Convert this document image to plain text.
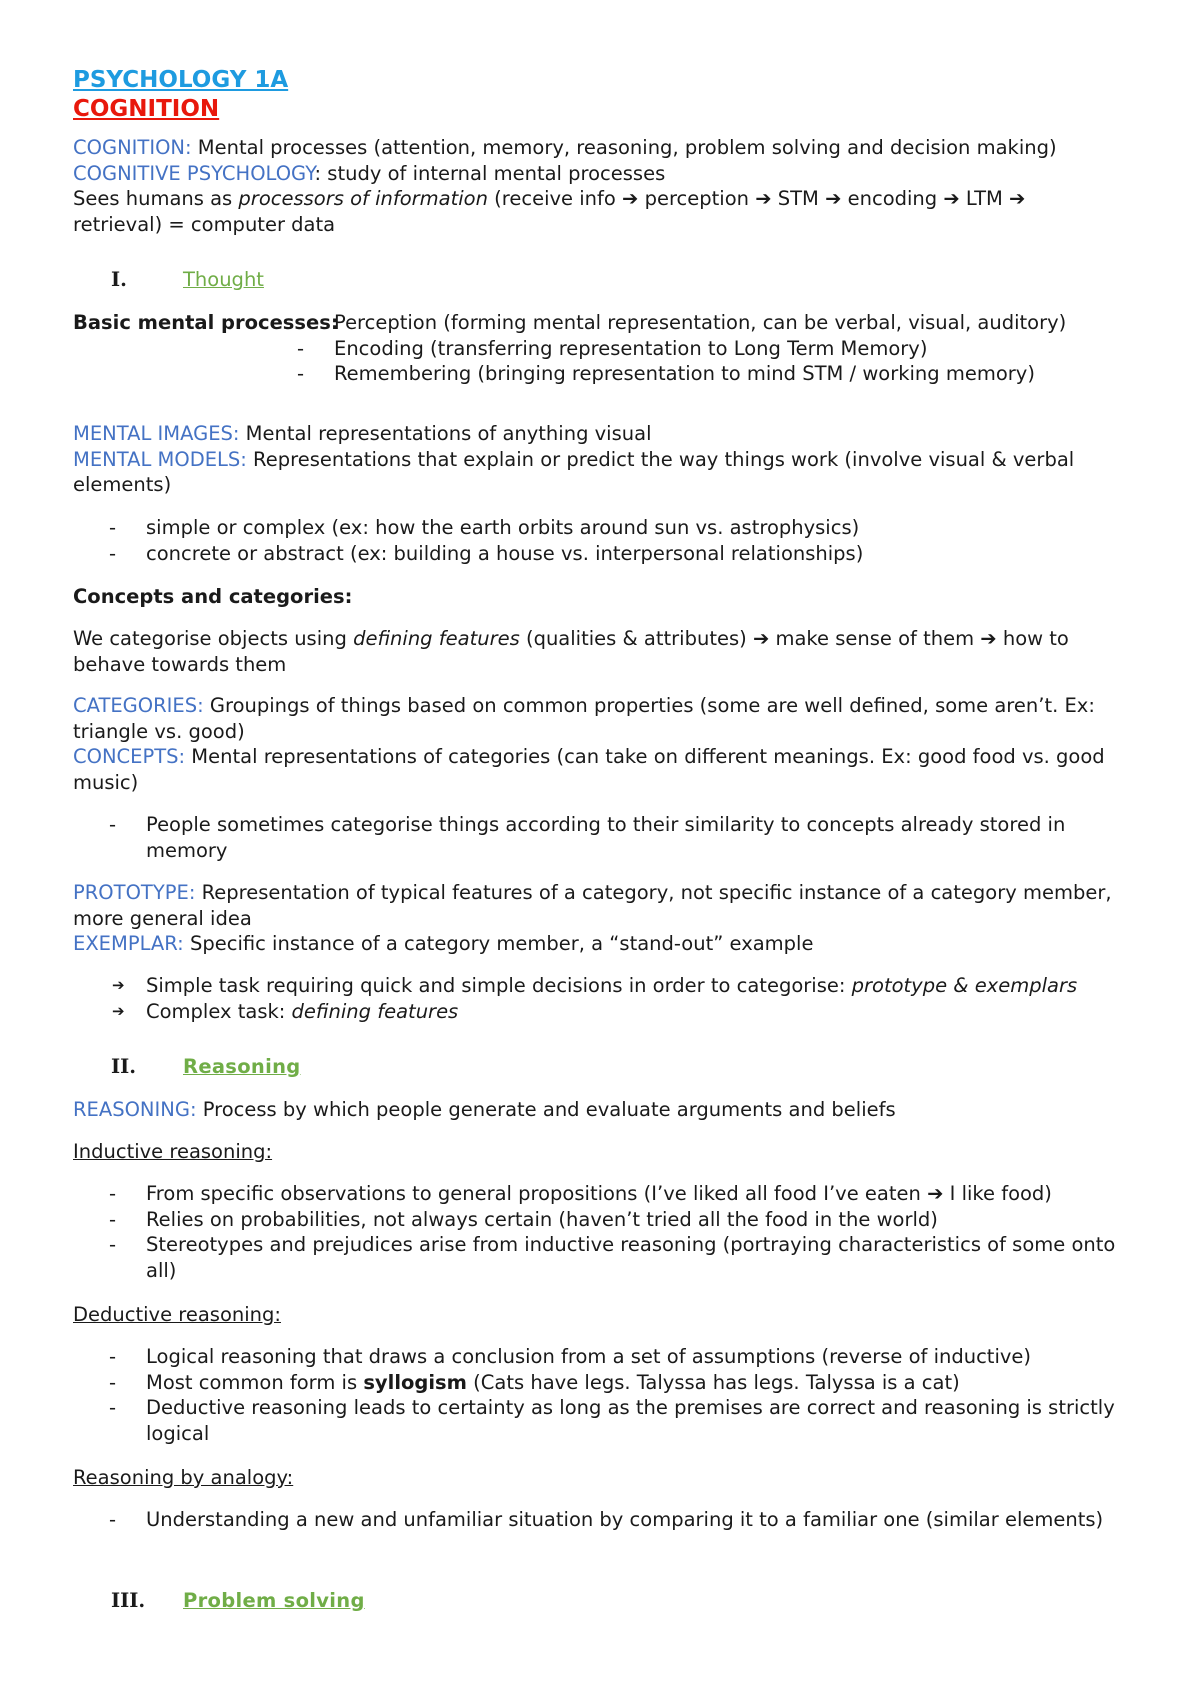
PSYCHOLOGY 1A
COGNITION
COGNITION: Mental processes (attention, memory, reasoning, problem solving and decision making)
COGNITIVE PSYCHOLOGY: study of internal mental processes
Sees humans as processors of information (receive info ➔ perception ➔ STM ➔ encoding ➔ LTM ➔
retrieval) = computer data
I.	Thought
Basic mental processes:
Perception (forming mental representation, can be verbal, visual, auditory)
- Encoding (transferring representation to Long Term Memory)
- Remembering (bringing representation to mind STM / working memory)
MENTAL IMAGES: Mental representations of anything visual
MENTAL MODELS: Representations that explain or predict the way things work (involve visual & verbal elements)
- simple or complex (ex: how the earth orbits around sun vs. astrophysics)
- concrete or abstract (ex: building a house vs. interpersonal relationships)
Concepts and categories:
We categorise objects using defining features (qualities & attributes) ➔ make sense of them ➔ how to behave towards them
CATEGORIES: Groupings of things based on common properties (some are well defined, some aren’t. Ex: triangle vs. good)
CONCEPTS: Mental representations of categories (can take on different meanings. Ex: good food vs. good music)
- People sometimes categorise things according to their similarity to concepts already stored in memory
PROTOTYPE: Representation of typical features of a category, not specific instance of a category member, more general idea
EXEMPLAR: Specific instance of a category member, a “stand-out” example
➔ Simple task requiring quick and simple decisions in order to categorise: prototype & exemplars
➔ Complex task: defining features
II. Reasoning
REASONING: Process by which people generate and evaluate arguments and beliefs
Inductive reasoning:
- From specific observations to general propositions (I’ve liked all food I’ve eaten ➔ I like food)
- Relies on probabilities, not always certain (haven’t tried all the food in the world)
- Stereotypes and prejudices arise from inductive reasoning (portraying characteristics of some onto all)
Deductive reasoning:
- Logical reasoning that draws a conclusion from a set of assumptions (reverse of inductive)
- Most common form is syllogism (Cats have legs. Talyssa has legs. Talyssa is a cat)
- Deductive reasoning leads to certainty as long as the premises are correct and reasoning is strictly logical
Reasoning by analogy:
- Understanding a new and unfamiliar situation by comparing it to a familiar one (similar elements)
III. Problem solving
